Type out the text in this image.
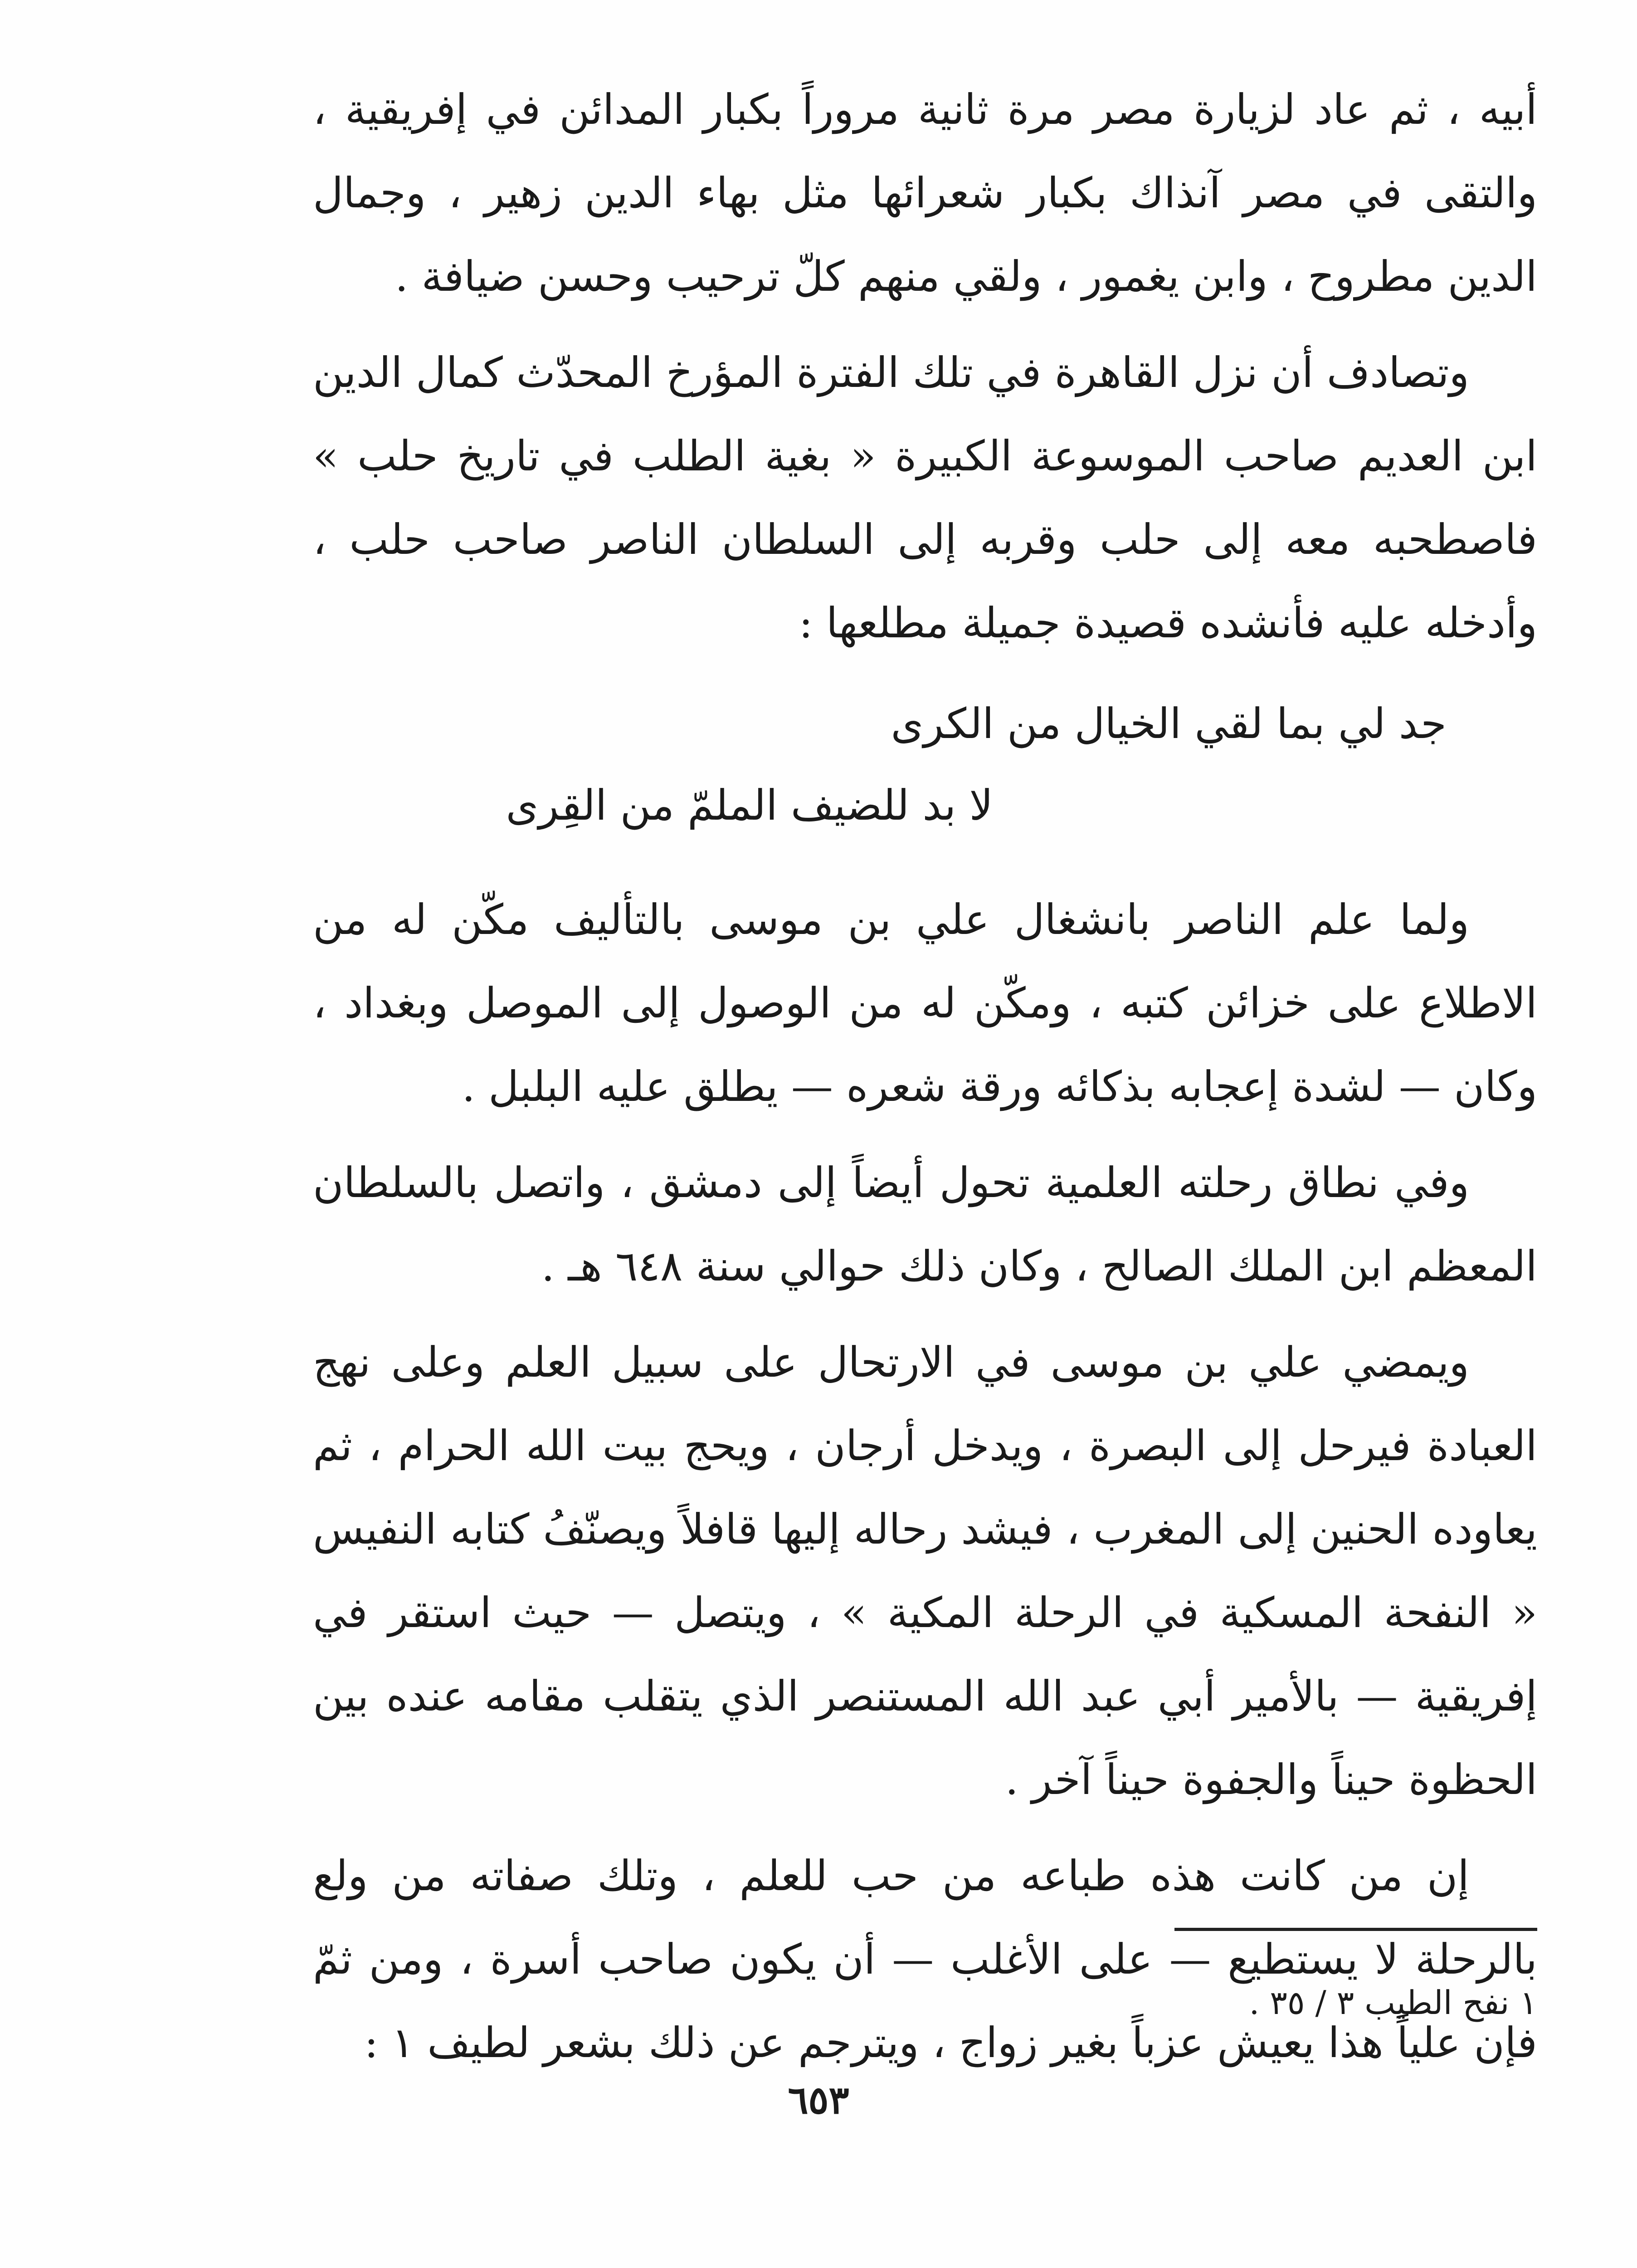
أبيه ، ثم عاد لزيارة مصر مرة ثانية مروراً بكبار المدائن في إفريقية ، والتقى في مصر آنذاك بكبار شعرائها مثل بهاء الدين زهير ، وجمال الدين مطروح ، وابن يغمور ، ولقي منهم كلّ ترحيب وحسن ضيافة .

وتصادف أن نزل القاهرة في تلك الفترة المؤرخ المحدّث كمال الدين ابن العديم صاحب الموسوعة الكبيرة « بغية الطلب في تاريخ حلب » فاصطحبه معه إلى حلب وقربه إلى السلطان الناصر صاحب حلب ، وأدخله عليه فأنشده قصيدة جميلة مطلعها :

جد لي بما لقي الخيال من الكرى
لا بد للضيف الملمّ من القِرى

ولما علم الناصر بانشغال علي بن موسى بالتأليف مكّن له من الاطلاع على خزائن كتبه ، ومكّن له من الوصول إلى الموصل وبغداد ، وكان — لشدة إعجابه بذكائه ورقة شعره — يطلق عليه البلبل .

وفي نطاق رحلته العلمية تحول أيضاً إلى دمشق ، واتصل بالسلطان المعظم ابن الملك الصالح ، وكان ذلك حوالي سنة ٦٤٨ هـ .

ويمضي علي بن موسى في الارتحال على سبيل العلم وعلى نهج العبادة فيرحل إلى البصرة ، ويدخل أرجان ، ويحج بيت الله الحرام ، ثم يعاوده الحنين إلى المغرب ، فيشد رحاله إليها قافلاً ويصنّفُ كتابه النفيس « النفحة المسكية في الرحلة المكية » ، ويتصل — حيث استقر في إفريقية — بالأمير أبي عبد الله المستنصر الذي يتقلب مقامه عنده بين الحظوة حيناً والجفوة حيناً آخر .

إن من كانت هذه طباعه من حب للعلم ، وتلك صفاته من ولع بالرحلة لا يستطيع — على الأغلب — أن يكون صاحب أسرة ، ومن ثمّ فإن علياً هذا يعيش عزباً بغير زواج ، ويترجم عن ذلك بشعر لطيف ١ :

١ نفح الطيب ٣ / ٣٥ .
٦٥٣
